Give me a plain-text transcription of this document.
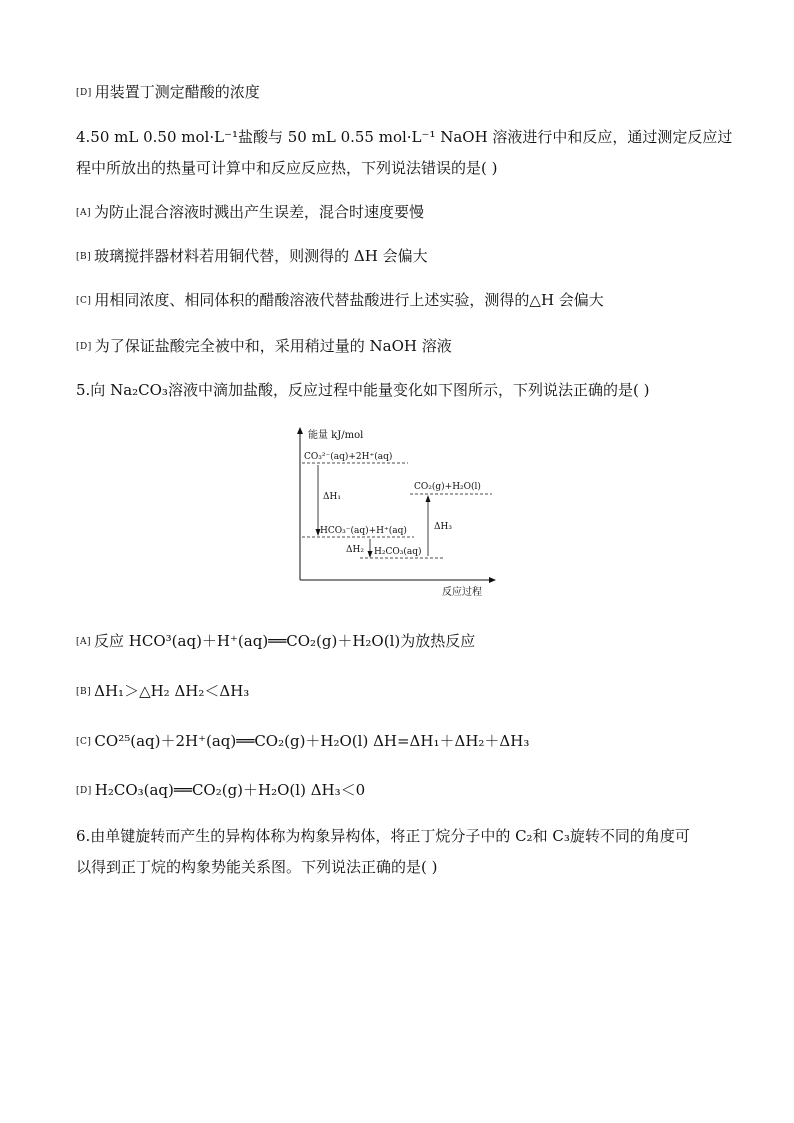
[D] 用装置丁测定醋酸的浓度
4.50 mL 0.50 mol·L⁻¹盐酸与 50 mL 0.55 mol·L⁻¹ NaOH 溶液进行中和反应，通过测定反应过
程中所放出的热量可计算中和反应反应热，下列说法错误的是( )
[A] 为防止混合溶液时溅出产生误差，混合时速度要慢
[B] 玻璃搅拌器材料若用铜代替，则测得的 ΔH 会偏大
[C] 用相同浓度、相同体积的醋酸溶液代替盐酸进行上述实验，测得的△H 会偏大
[D] 为了保证盐酸完全被中和，采用稍过量的 NaOH 溶液
5.向 Na₂CO₃溶液中滴加盐酸，反应过程中能量变化如下图所示，下列说法正确的是( )
能量 kJ/mol
反应过程
CO₃²⁻(aq)+2H⁺(aq)
HCO₃⁻(aq)+H⁺(aq)
H₂CO₃(aq)
CO₂(g)+H₂O(l)
ΔH₁
ΔH₂
ΔH₃
[A] 反应 HCO³(aq)＋H⁺(aq)══CO₂(g)＋H₂O(l)为放热反应
[B] ΔH₁＞△H₂ ΔH₂＜ΔH₃
[C] CO²⁵(aq)＋2H⁺(aq)══CO₂(g)＋H₂O(l) ΔH=ΔH₁＋ΔH₂＋ΔH₃
[D] H₂CO₃(aq)══CO₂(g)＋H₂O(l) ΔH₃＜0
6.由单键旋转而产生的异构体称为构象异构体，将正丁烷分子中的 C₂和 C₃旋转不同的角度可
以得到正丁烷的构象势能关系图。下列说法正确的是( )
